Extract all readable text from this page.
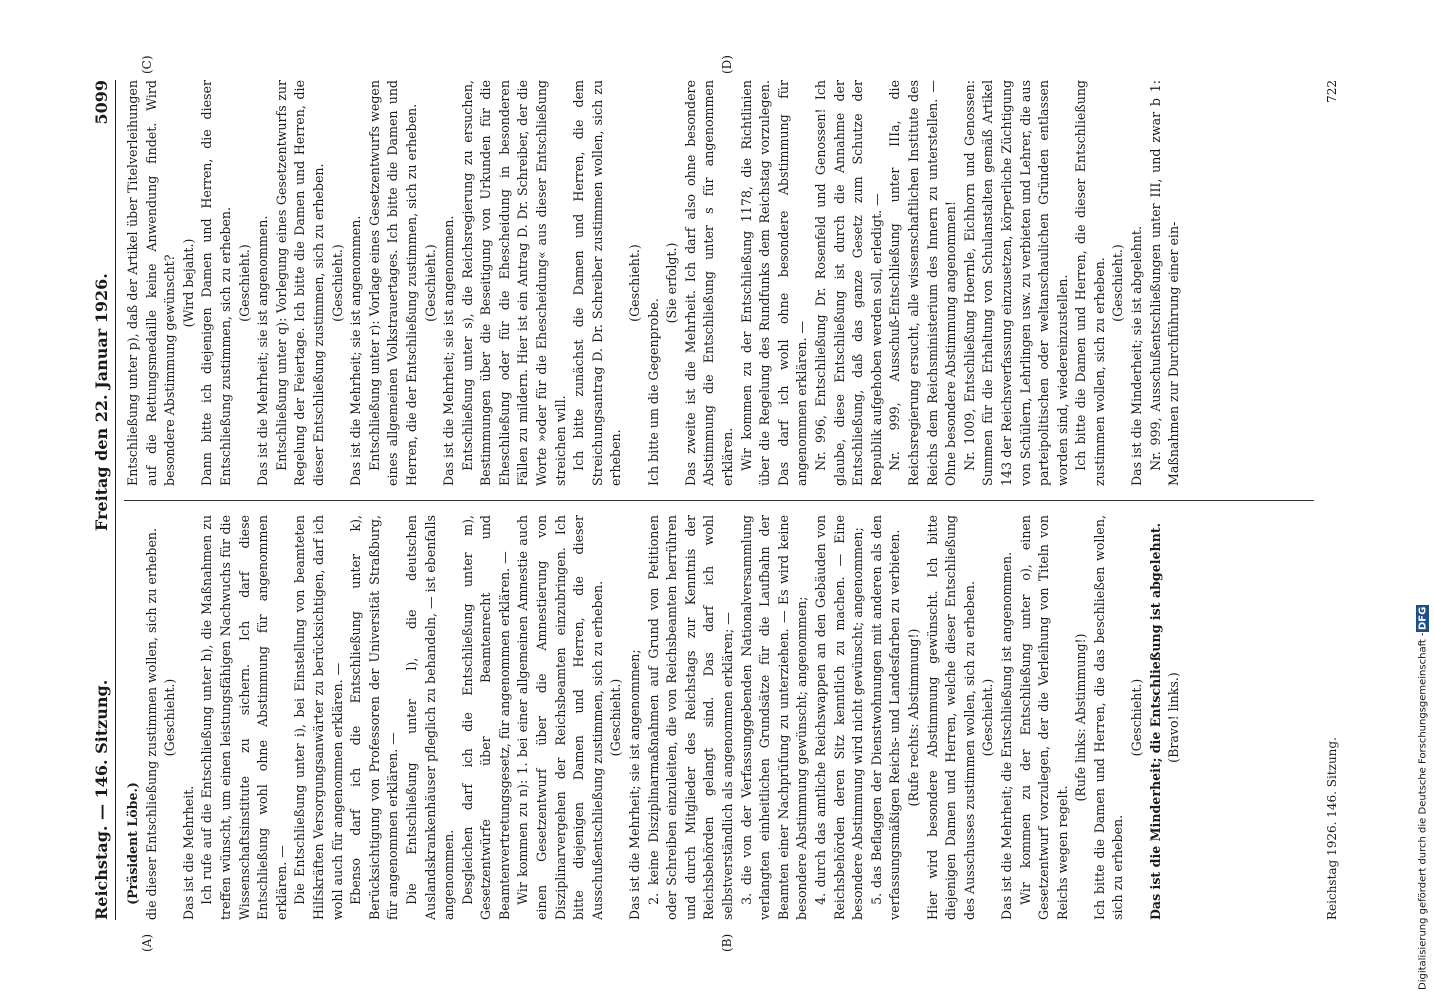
Reichstag. — 146. Sitzung.
Freitag den 22. Januar 1926.
5099

(Präsident Löbe.) die dieser Entschließung zustimmen wollen, sich zu erheben. (Geschieht.)

Das ist die Mehrheit. Ich rufe auf die Entschließung unter h), die Maßnahmen zu treffen wünscht, um einen leistungsfähigen Nachwuchs für die Wissenschaftsinstitute zu sichern. Ich darf diese Entschließung wohl ohne Abstimmung für angenommen erklären. — Die Entschließung unter i), bei Einstellung von beamteten Hilfskräften Versorgungsanwärter zu berücksichtigen, darf ich wohl auch für angenommen erklären. — Ebenso darf ich die Entschließung unter k), Berücksichtigung von Professoren der Universität Straßburg, für angenommen erklären. — Die Entschließung unter l), die deutschen Auslandskrankenhäuser pfleglich zu behandeln, — ist ebenfalls angenommen. Desgleichen darf ich die Entschließung unter m), Gesetzentwürfe über Beamtenrecht und Beamtenvertretungsgesetz, für angenommen erklären. — Wir kommen zu n): 1. bei einer allgemeinen Amnestie auch einen Gesetzentwurf über die Amnestierung von Disziplinarvergehen der Reichsbeamten einzubringen. Ich bitte diejenigen Damen und Herren, die dieser Ausschußentschließung zustimmen, sich zu erheben. (Geschieht.) Das ist die Mehrheit; sie ist angenommen; 2. keine Disziplinarmaßnahmen auf Grund von Petitionen oder Schreiben einzuleiten, die von Reichsbeamten herrühren und durch Mitglieder des Reichstags zur Kenntnis der Reichsbehörden gelangt sind. Das darf ich wohl selbstverständlich als angenommen erklären; — 3. die von der Verfassunggebenden Nationalversammlung verlangten einheitlichen Grundsätze für die Laufbahn der Beamten einer Nachprüfung zu unterziehen. — Es wird keine besondere Abstimmung gewünscht; angenommen; 4. durch das amtliche Reichswappen an den Gebäuden von Reichsbehörden deren Sitz kenntlich zu machen. — Eine besondere Abstimmung wird nicht gewünscht; angenommen; 5. das Beflaggen der Dienstwohnungen mit anderen als den verfassungsmäßigen Reichs- und Landesfarben zu verbieten. (Rufe rechts: Abstimmung!) Hier wird besondere Abstimmung gewünscht. Ich bitte diejenigen Damen und Herren, welche dieser Entschließung des Ausschusses zustimmen wollen, sich zu erheben. (Geschieht.) Das ist die Mehrheit; die Entschließung ist angenommen. Wir kommen zu der Entschließung unter o), einen Gesetzentwurf vorzulegen, der die Verleihung von Titeln von Reichs wegen regelt.

(Rufe links: Abstimmung!) Ich bitte die Damen und Herren, die das beschließen wollen, sich zu erheben.

(Geschieht.) Das ist die Minderheit; die Entschließung ist abgelehnt. (Bravo! links.)

Entschließung unter p), daß der Artikel über Titelverleihungen auf die Rettungsmedaille keine Anwendung findet. Wird besondere Abstimmung gewünscht? (Wird bejaht.) Dann bitte ich diejenigen Damen und Herren, die dieser Entschließung zustimmen, sich zu erheben. (Geschieht.) Das ist die Mehrheit; sie ist angenommen. Entschließung unter q): Vorlegung eines Gesetzentwurfs zur Regelung der Feiertage. Ich bitte die Damen und Herren, die dieser Entschließung zustimmen, sich zu erheben. (Geschieht.) Das ist die Mehrheit; sie ist angenommen. Entschließung unter r): Vorlage eines Gesetzentwurfs wegen eines allgemeinen Volkstrauertages. Ich bitte die Damen und Herren, die der Entschließung zustimmen, sich zu erheben. (Geschieht.) Das ist die Mehrheit; sie ist angenommen. Entschließung unter s), die Reichsregierung zu ersuchen, Bestimmungen über die Beseitigung von Urkunden für die Eheschließung oder für die Ehescheidung in besonderen Fällen zu mildern. Hier ist ein Antrag D. Dr. Schreiber, der die Worte »oder für die Ehescheidung« aus dieser Entschließung streichen will. Ich bitte zunächst die Damen und Herren, die dem Streichungsantrag D. Dr. Schreiber zustimmen wollen, sich zu erheben.

(Geschieht.)

Ich bitte um die Gegenprobe.

(Sie erfolgt.) Das zweite ist die Mehrheit. Ich darf also ohne besondere Abstimmung die Entschließung unter s für angenommen erklären. Wir kommen zu der Entschließung 1178, die Richtlinien über die Regelung des Rundfunks dem Reichstag vorzulegen. Das darf ich wohl ohne besondere Abstimmung für angenommen erklären. — Nr. 996, Entschließung Dr. Rosenfeld und Genossen! Ich glaube, diese Entschließung ist durch die Annahme der Entschließung, daß das ganze Gesetz zum Schutze der Republik aufgehoben werden soll, erledigt. — Nr. 999, Ausschuß-Entschließung unter IIIa, die Reichsregierung ersucht, alle wissenschaftlichen Institute des Reichs dem Reichsministerium des Innern zu unterstellen. — Ohne besondere Abstimmung angenommen! Nr. 1009, Entschließung Hoernle, Eichhorn und Genossen: Summen für die Erhaltung von Schulanstalten gemäß Artikel 143 der Reichsverfassung einzusetzen, körperliche Züchtigung von Schülern, Lehrlingen usw. zu verbieten und Lehrer, die aus parteipolitischen oder weltanschaulichen Gründen entlassen worden sind, wiedereinzustellen. Ich bitte die Damen und Herren, die dieser Entschließung zustimmen wollen, sich zu erheben. (Geschieht.) Das ist die Minderheit; sie ist abgelehnt. Nr. 999, Ausschußentschließungen unter III, und zwar b 1: Maßnahmen zur Durchführung einer ein-

(A)	(B)
(C)	(D)
Reichstag 1926. 146. Sitzung.
722
Digitalisierung gefördert durch die Deutsche Forschungsgemeinschaft -
DFG
